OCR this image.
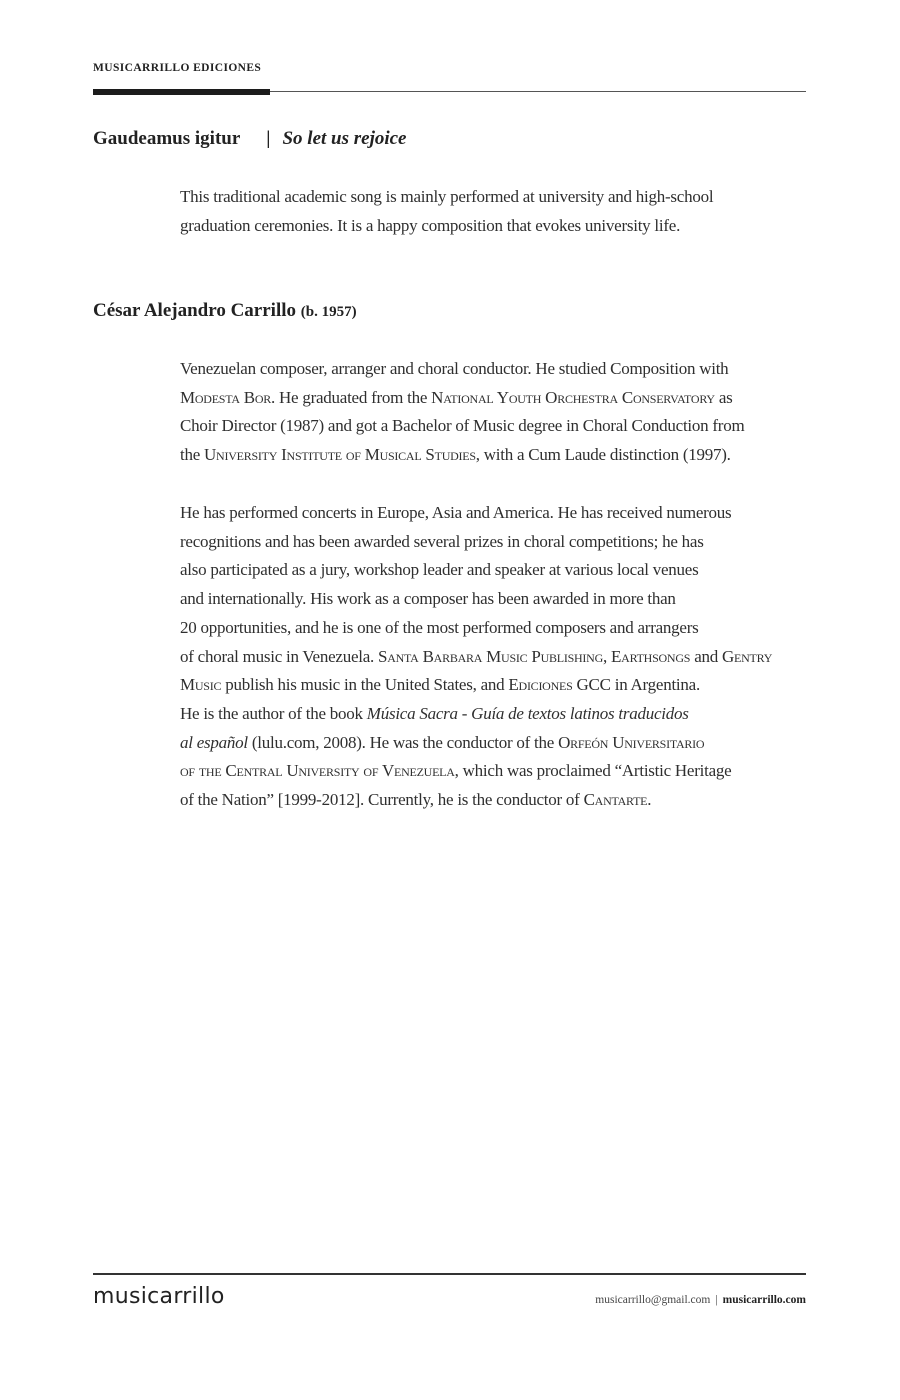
MUSICARRILLO EDICIONES
Gaudeamus igitur | So let us rejoice
This traditional academic song is mainly performed at university and high-school
graduation ceremonies. It is a happy composition that evokes university life.
César Alejandro Carrillo (b. 1957)
Venezuelan composer, arranger and choral conductor. He studied Composition with
Modesta Bor. He graduated from the National Youth Orchestra Conservatory as
Choir Director (1987) and got a Bachelor of Music degree in Choral Conduction from
the University Institute of Musical Studies, with a Cum Laude distinction (1997).
He has performed concerts in Europe, Asia and America. He has received numerous
recognitions and has been awarded several prizes in choral competitions; he has
also participated as a jury, workshop leader and speaker at various local venues
and internationally. His work as a composer has been awarded in more than
20 opportunities, and he is one of the most performed composers and arrangers
of choral music in Venezuela. Santa Barbara Music Publishing, Earthsongs and Gentry
Music publish his music in the United States, and Ediciones GCC in Argentina.
He is the author of the book Música Sacra - Guía de textos latinos traducidos
al español (lulu.com, 2008). He was the conductor of the Orfeón Universitario
of the Central University of Venezuela, which was proclaimed “Artistic Heritage
of the Nation” [1999-2012]. Currently, he is the conductor of Cantarte.
musicarrillo	musicarrillo@gmail.com | musicarrillo.com
